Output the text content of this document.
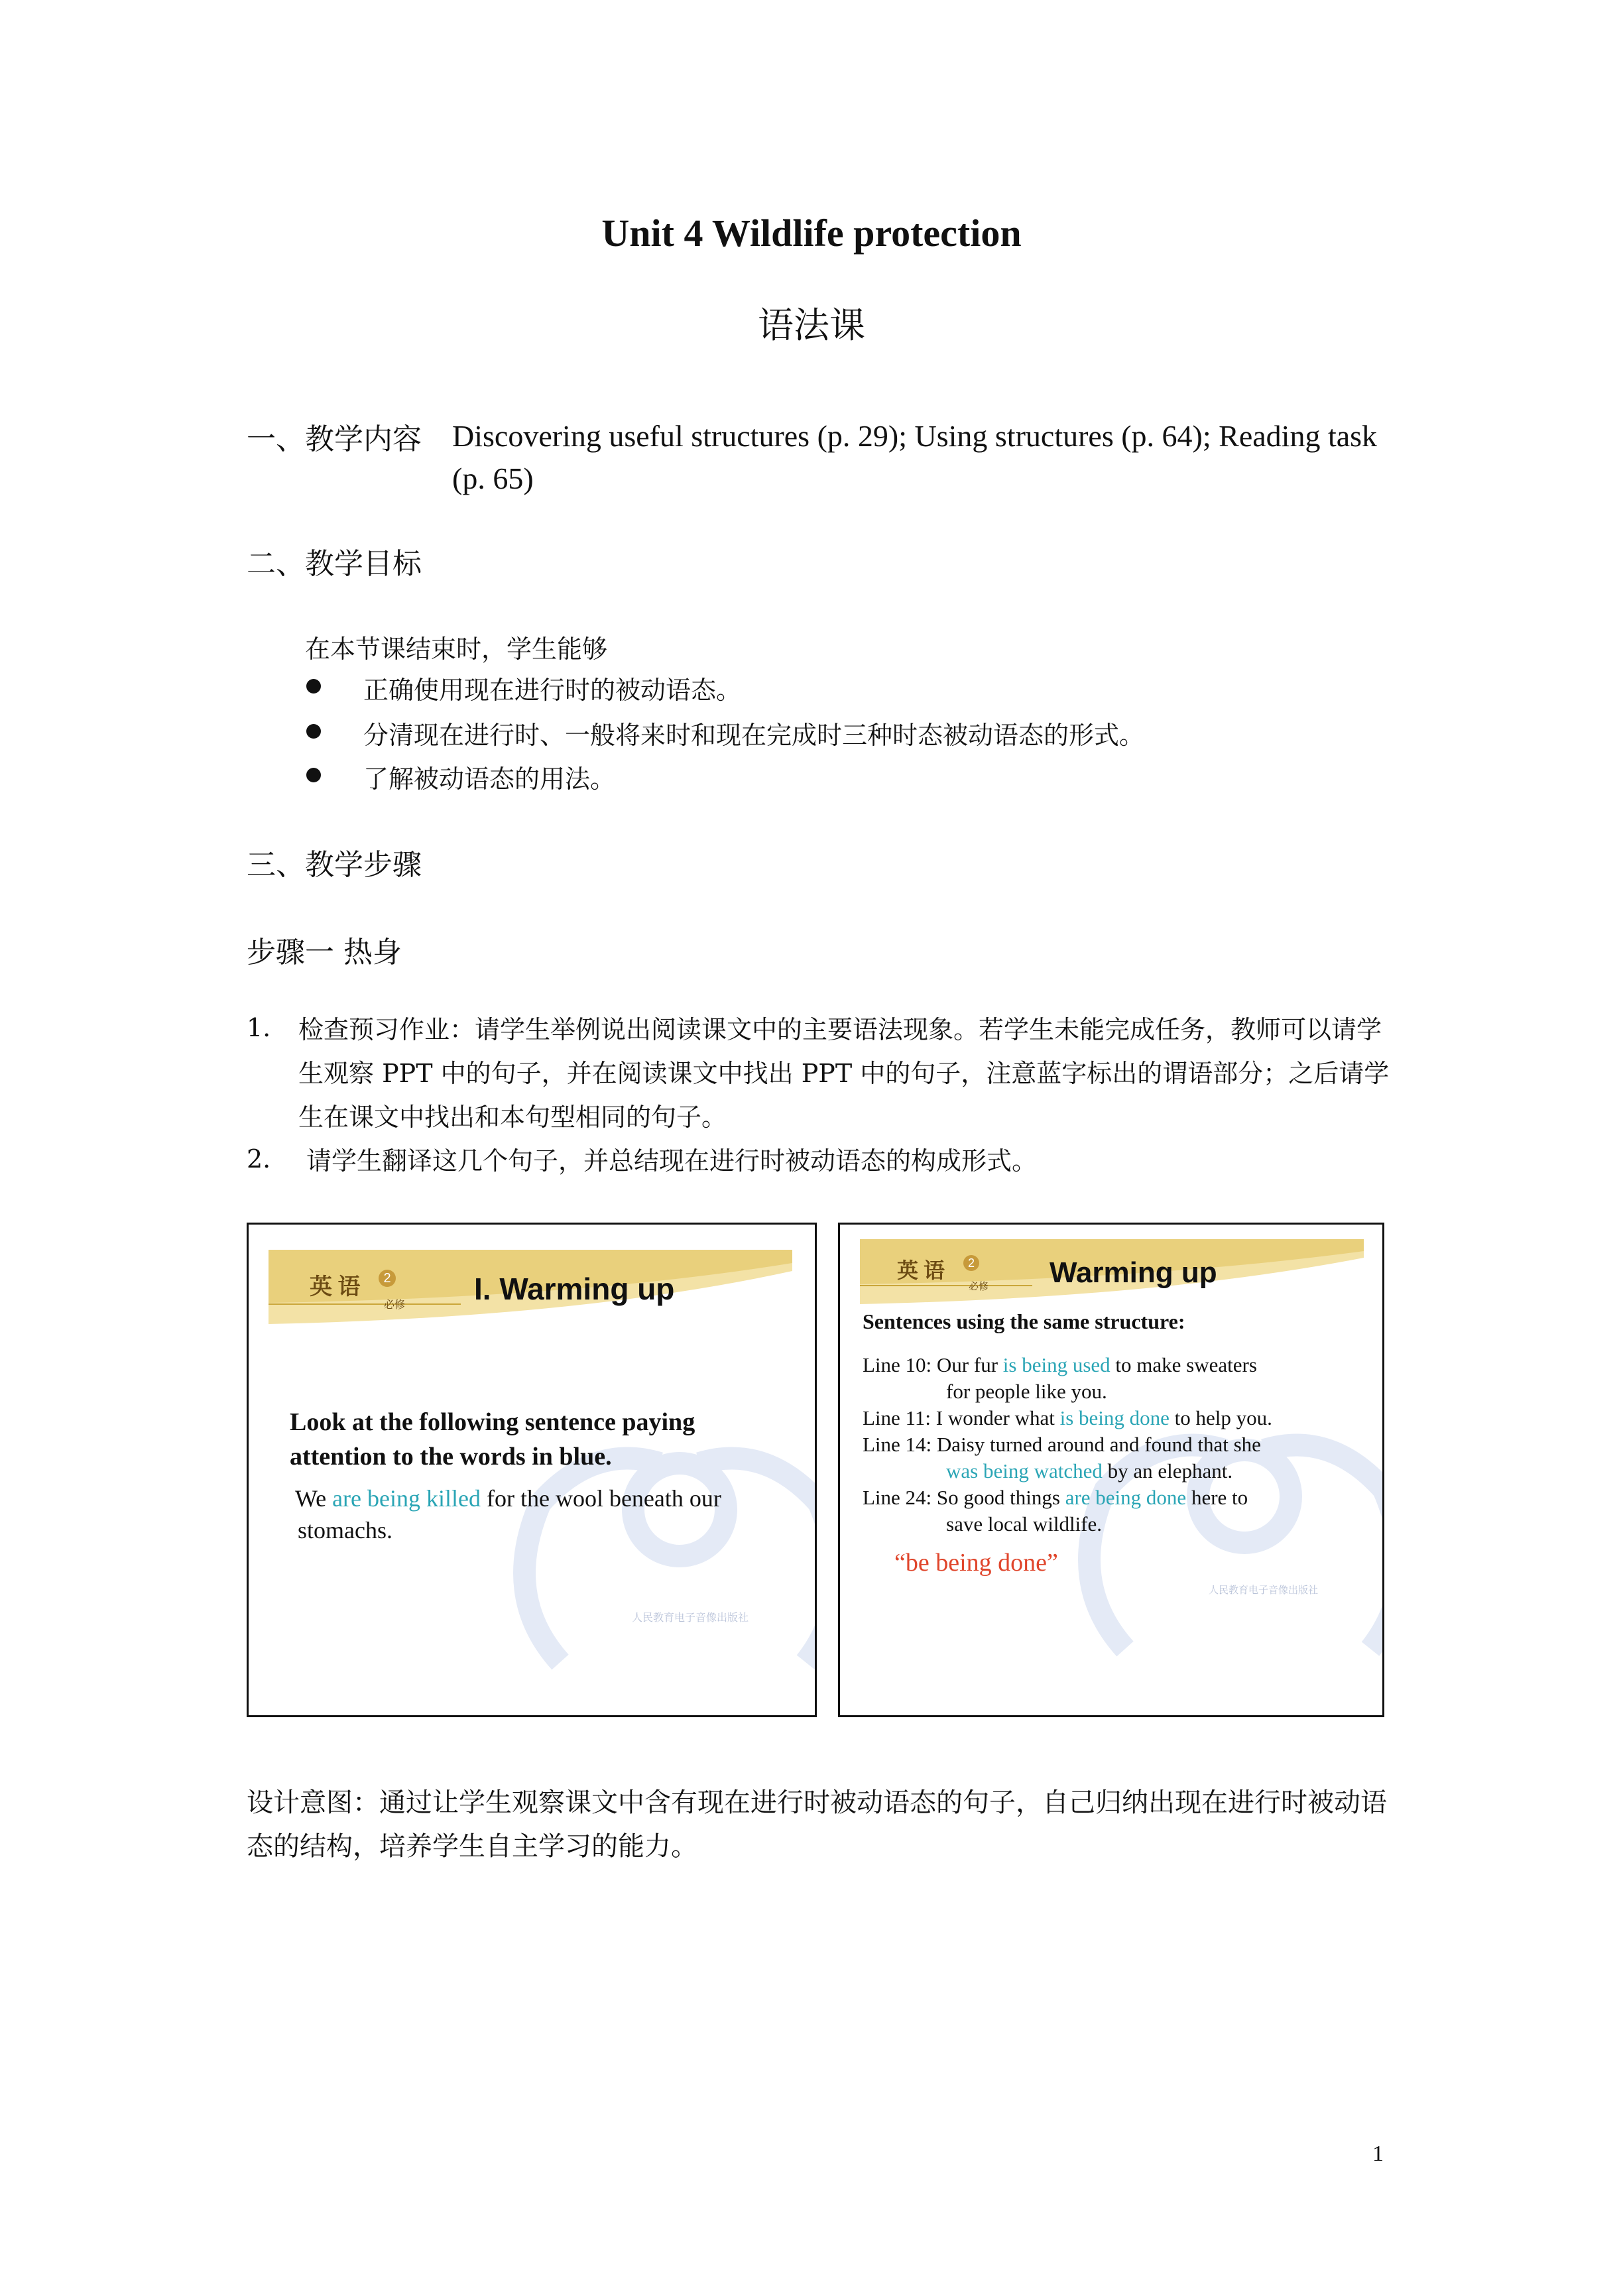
Unit 4 Wildlife protection
语法课
一、教学内容 Discovering useful structures (p. 29); Using structures (p. 64); Reading task (p. 65)
二、教学目标
在本节课结束时，学生能够
正确使用现在进行时的被动语态。
分清现在进行时、一般将来时和现在完成时三种时态被动语态的形式。
了解被动语态的用法。
三、教学步骤
步骤一 热身
1. 检查预习作业：请学生举例说出阅读课文中的主要语法现象。若学生未能完成任务，教师可以请学生观察 PPT 中的句子，并在阅读课文中找出 PPT 中的句子，注意蓝字标出的谓语部分；之后请学生在课文中找出和本句型相同的句子。
2. 请学生翻译这几个句子，并总结现在进行时被动语态的构成形式。
英 语	2
必修 I. Warming up
Look at the following sentence paying
attention to the words in blue.
We are being killed for the wool beneath our
stomachs.
人民教育电子音像出版社
英 语	2
必修 Warming up
Sentences using the same structure:
Line 10: Our fur is being used to make sweaters
for people like you.
Line 11: I wonder what is being done to help you.
Line 14: Daisy turned around and found that she
was being watched by an elephant.
Line 24: So good things are being done here to
save local wildlife.
“be being done”
人民教育电子音像出版社
设计意图：通过让学生观察课文中含有现在进行时被动语态的句子，自己归纳出现在进行时被动语态的结构，培养学生自主学习的能力。
1
